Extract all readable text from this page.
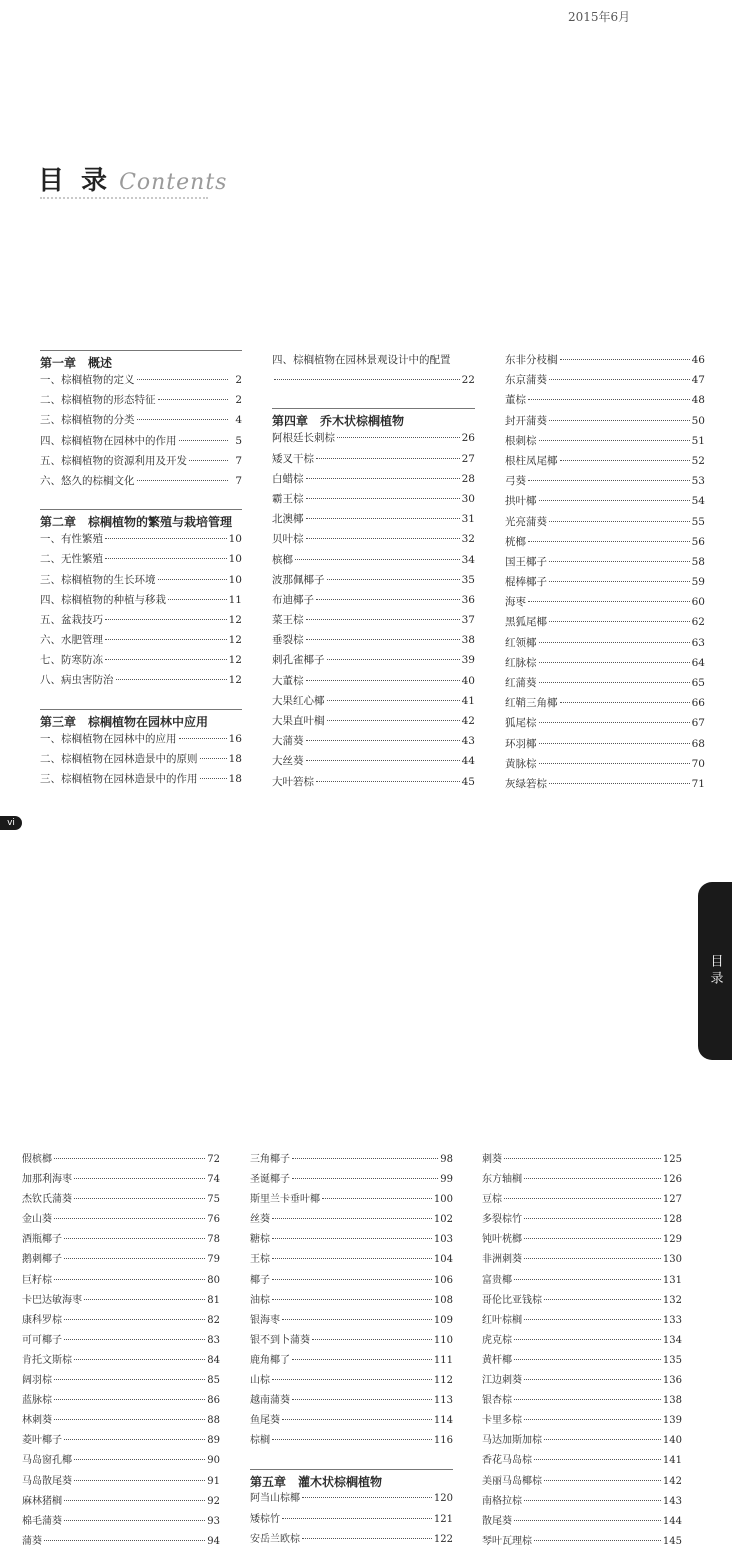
2015年6月
目 录 Contents
第一章　概述
一、棕榈植物的定义	2
二、棕榈植物的形态特征	2
三、棕榈植物的分类	4
四、棕榈植物在园林中的作用	5
五、棕榈植物的资源利用及开发	7
六、悠久的棕榈文化	7
第二章　棕榈植物的繁殖与栽培管理
一、有性繁殖	10
二、无性繁殖	10
三、棕榈植物的生长环境	10
四、棕榈植物的种植与移栽	11
五、盆栽技巧	12
六、水肥管理	12
七、防寒防冻	12
八、病虫害防治	12
第三章　棕榈植物在园林中应用
一、棕榈植物在园林中的应用	16
二、棕榈植物在园林造景中的原则	18
三、棕榈植物在园林造景中的作用	18
四、棕榈植物在园林景观设计中的配置
22
第四章　乔木状棕榈植物
阿根廷长刺棕	26
矮叉干棕	27
白蜡棕	28
霸王棕	30
北澳椰	31
贝叶棕	32
槟榔	34
波那佩椰子	35
布迪椰子	36
菜王棕	37
垂裂棕	38
刺孔雀椰子	39
大董棕	40
大果红心椰	41
大果直叶榈	42
大蒲葵	43
大丝葵	44
大叶箬棕	45
东非分枝榈	46
东京蒲葵	47
董棕	48
封开蒲葵	50
根刺棕	51
根柱凤尾椰	52
弓葵	53
拱叶椰	54
光亮蒲葵	55
桄榔	56
国王椰子	58
棍棒椰子	59
海枣	60
黑狐尾椰	62
红领椰	63
红脉棕	64
红蒲葵	65
红鞘三角椰	66
狐尾棕	67
环羽椰	68
黄脉棕	70
灰绿箬棕	71
vi
目录
假槟榔	72
加那利海枣	74
杰钦氏蒲葵	75
金山葵	76
酒瓶椰子	78
鹅刺椰子	79
巨籽棕	80
卡巴达敏海枣	81
康科罗棕	82
可可椰子	83
肯托文斯棕	84
阔羽棕	85
蓝脉棕	86
林刺葵	88
菱叶椰子	89
马岛窗孔椰	90
马岛散尾葵	91
麻林猪榈	92
棉毛蒲葵	93
蒲葵	94
三角椰子	98
圣诞椰子	99
斯里兰卡垂叶椰	100
丝葵	102
糖棕	103
王棕	104
椰子	106
油棕	108
银海枣	109
银不到卜蒲葵	110
鹿角椰了	111
山棕	112
越南蒲葵	113
鱼尾葵	114
棕榈	116
第五章　灌木状棕榈植物
阿当山棕椰	120
矮棕竹	121
安岳兰欧棕	122
刺葵	125
东方轴榈	126
豆棕	127
多裂棕竹	128
钝叶桄榔	129
非洲刺葵	130
富贵椰	131
哥伦比亚钱棕	132
红叶棕榈	133
虎克棕	134
黄杆椰	135
江边刺葵	136
银杏棕	138
卡里多棕	139
马达加斯加棕	140
香花马岛棕	141
美丽马岛椰棕	142
南格拉棕	143
散尾葵	144
琴叶瓦理棕	145
